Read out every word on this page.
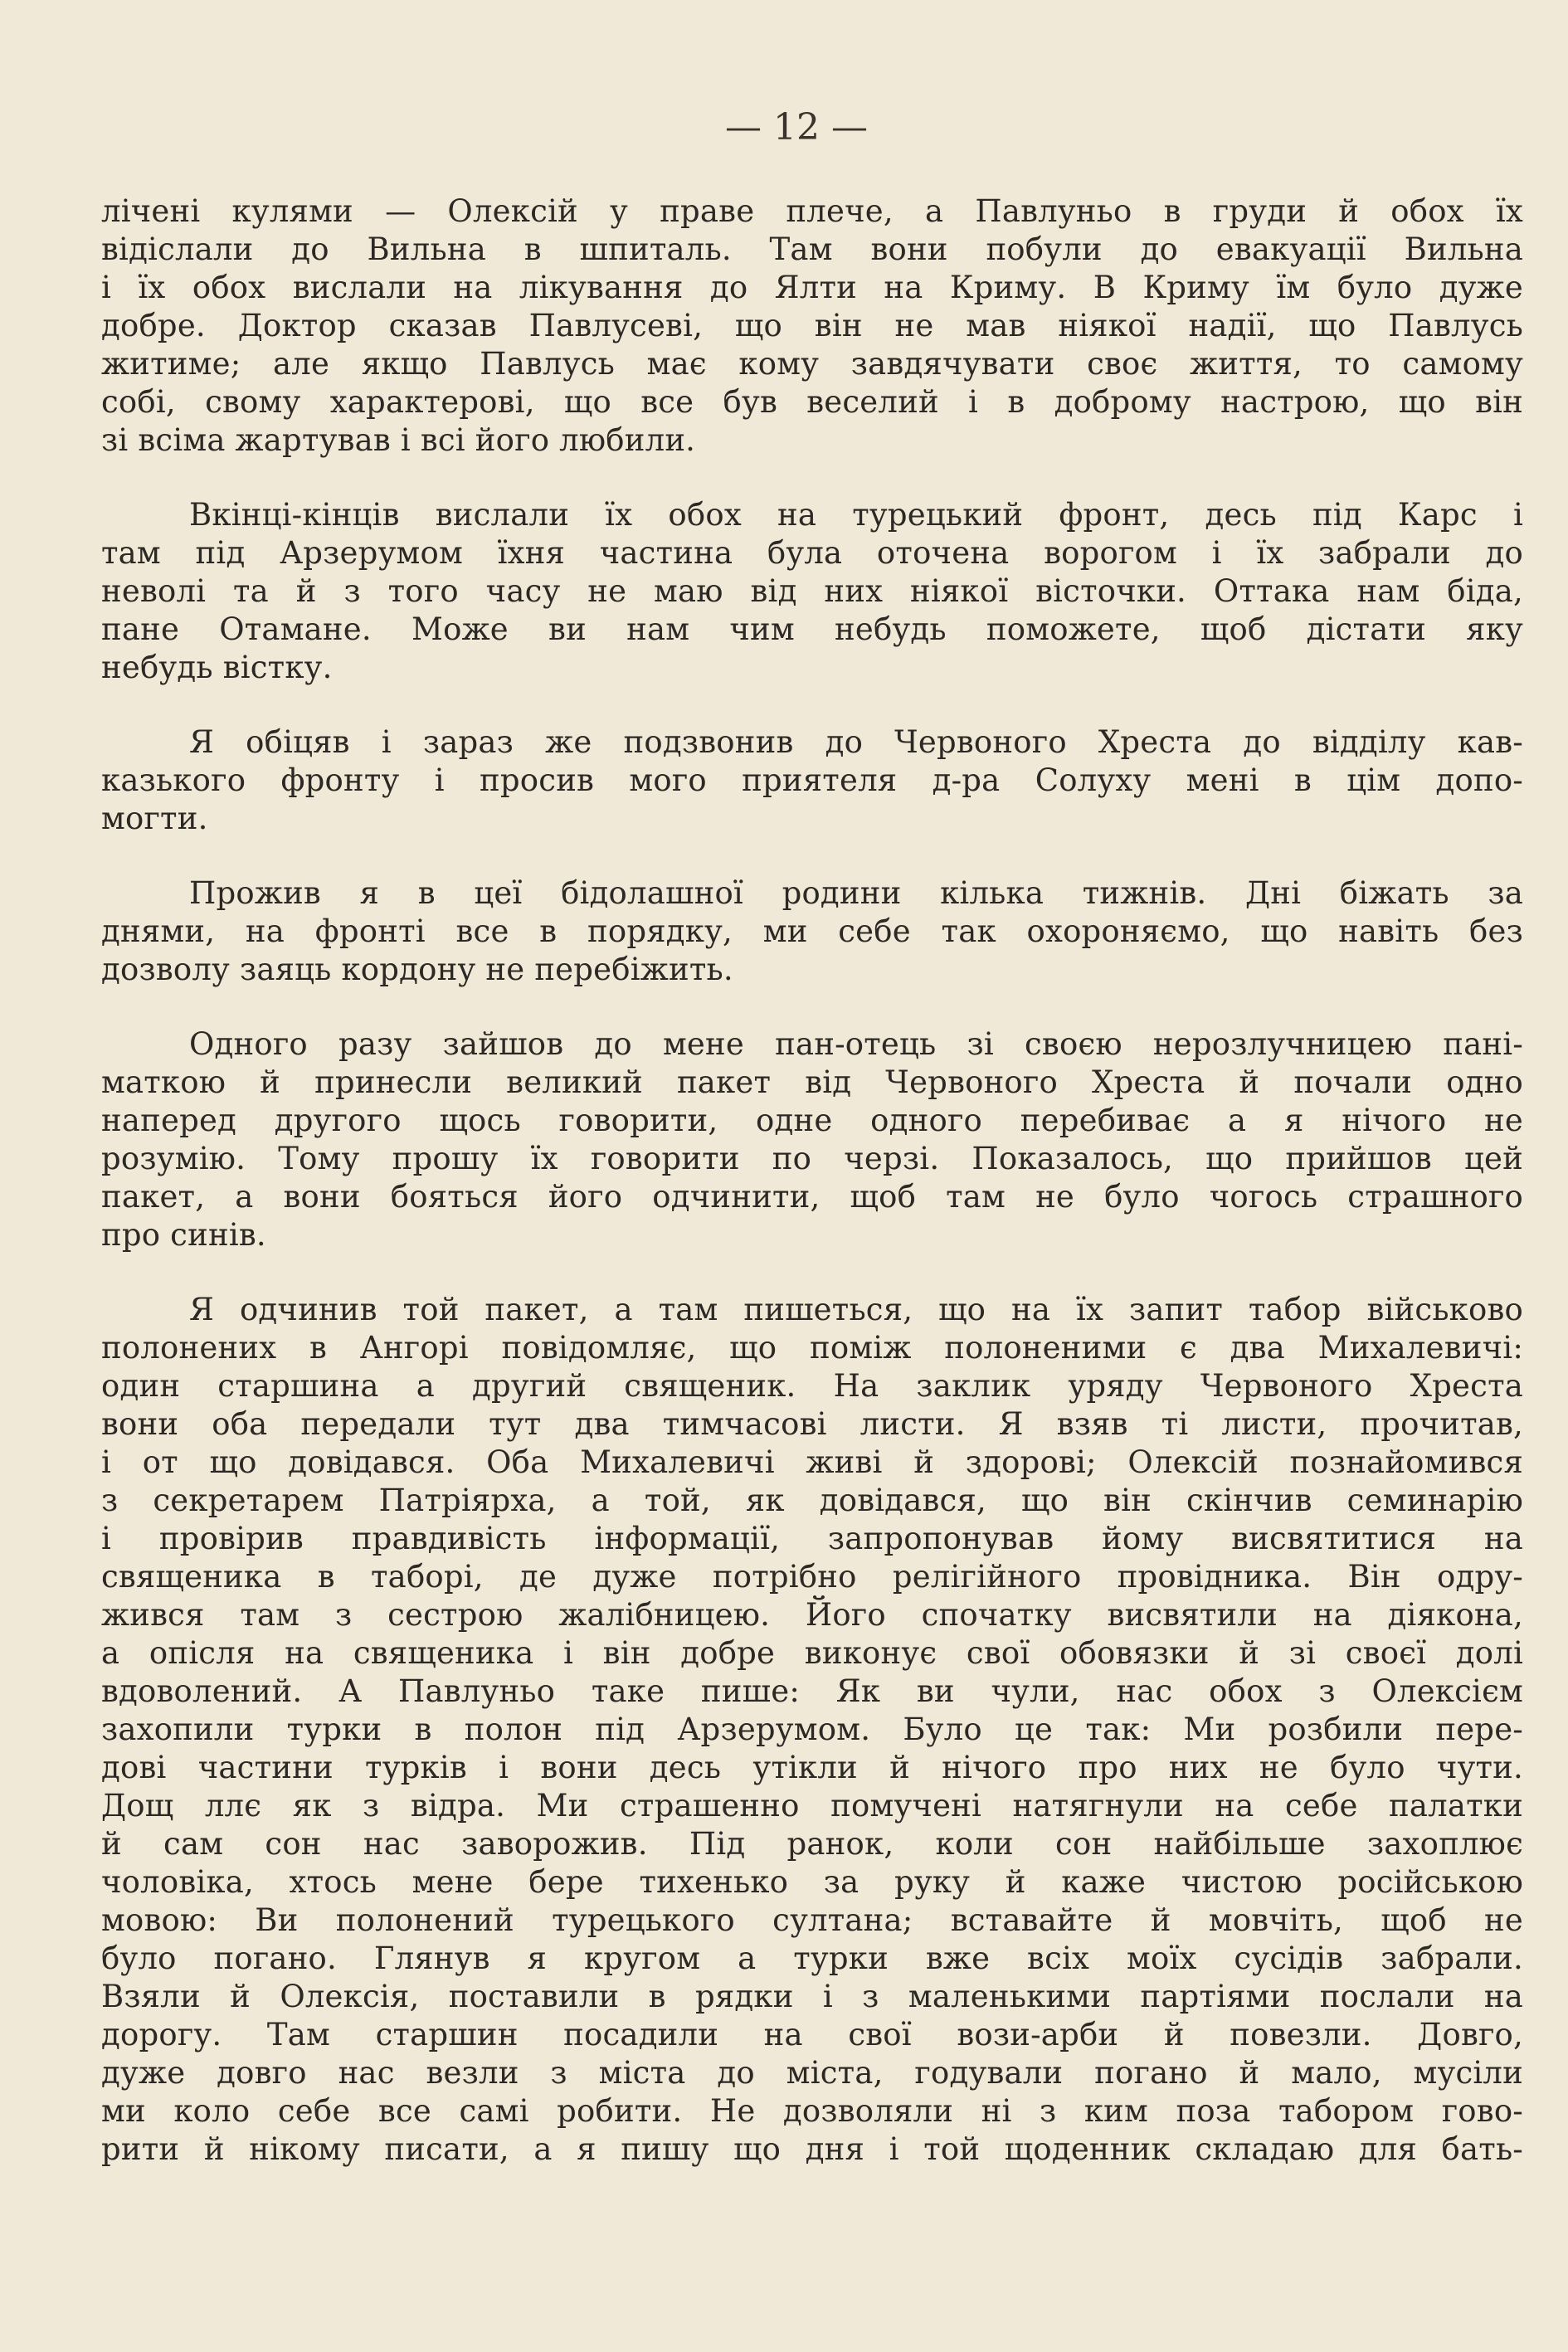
— 12 —
лічені кулями — Олексій у праве плече, а Павлуньо в груди й обох їх
відіслали до Вильна в шпиталь. Там вони побули до евакуації Вильна
і їх обох вислали на лікування до Ялти на Криму. В Криму їм було дуже
добре. Доктор сказав Павлусеві, що він не мав ніякої надії, що Павлусь
житиме; але якщо Павлусь має кому завдячувати своє життя, то самому
собі, свому характерові, що все був веселий і в доброму настрою, що він
зі всіма жартував і всі його любили.
Вкінці-кінців вислали їх обох на турецький фронт, десь під Карс і
там під Арзерумом їхня частина була оточена ворогом і їх забрали до
неволі та й з того часу не маю від них ніякої вісточки. Оттака нам біда,
пане Отамане. Може ви нам чим небудь поможете, щоб дістати яку
небудь вістку.
Я обіцяв і зараз же подзвонив до Червоного Хреста до відділу кав-
казького фронту і просив мого приятеля д-ра Солуху мені в цім допо-
могти.
Прожив я в цеї бідолашної родини кілька тижнів. Дні біжать за
днями, на фронті все в порядку, ми себе так охороняємо, що навіть без
дозволу заяць кордону не перебіжить.
Одного разу зайшов до мене пан-отець зі своєю нерозлучницею пані-
маткою й принесли великий пакет від Червоного Хреста й почали одно
наперед другого щось говорити, одне одного перебиває а я нічого не
розумію. Тому прошу їх говорити по черзі. Показалось, що прийшов цей
пакет, а вони бояться його одчинити, щоб там не було чогось страшного
про синів.
Я одчинив той пакет, а там пишеться, що на їх запит табор військово
полонених в Ангорі повідомляє, що поміж полоненими є два Михалевичі:
один старшина а другий священик. На заклик уряду Червоного Хреста
вони оба передали тут два тимчасові листи. Я взяв ті листи, прочитав,
і от що довідався. Оба Михалевичі живі й здорові; Олексій познайомився
з секретарем Патріярха, а той, як довідався, що він скінчив семинарію
і провірив правдивість інформації, запропонував йому висвятитися на
священика в таборі, де дуже потрібно релігійного провідника. Він одру-
жився там з сестрою жалібницею. Його спочатку висвятили на діякона,
а опісля на священика і він добре виконує свої обовязки й зі своєї долі
вдоволений. А Павлуньо таке пише: Як ви чули, нас обох з Олексієм
захопили турки в полон під Арзерумом. Було це так: Ми розбили пере-
дові частини турків і вони десь утікли й нічого про них не було чути.
Дощ ллє як з відра. Ми страшенно помучені натягнули на себе палатки
й сам сон нас заворожив. Під ранок, коли сон найбільше захоплює
чоловіка, хтось мене бере тихенько за руку й каже чистою російською
мовою: Ви полонений турецького султана; вставайте й мовчіть, щоб не
було погано. Глянув я кругом а турки вже всіх моїх сусідів забрали.
Взяли й Олексія, поставили в рядки і з маленькими партіями послали на
дорогу. Там старшин посадили на свої вози-арби й повезли. Довго,
дуже довго нас везли з міста до міста, годували погано й мало, мусіли
ми коло себе все самі робити. Не дозволяли ні з ким поза табором гово-
рити й нікому писати, а я пишу що дня і той щоденник складаю для бать-
